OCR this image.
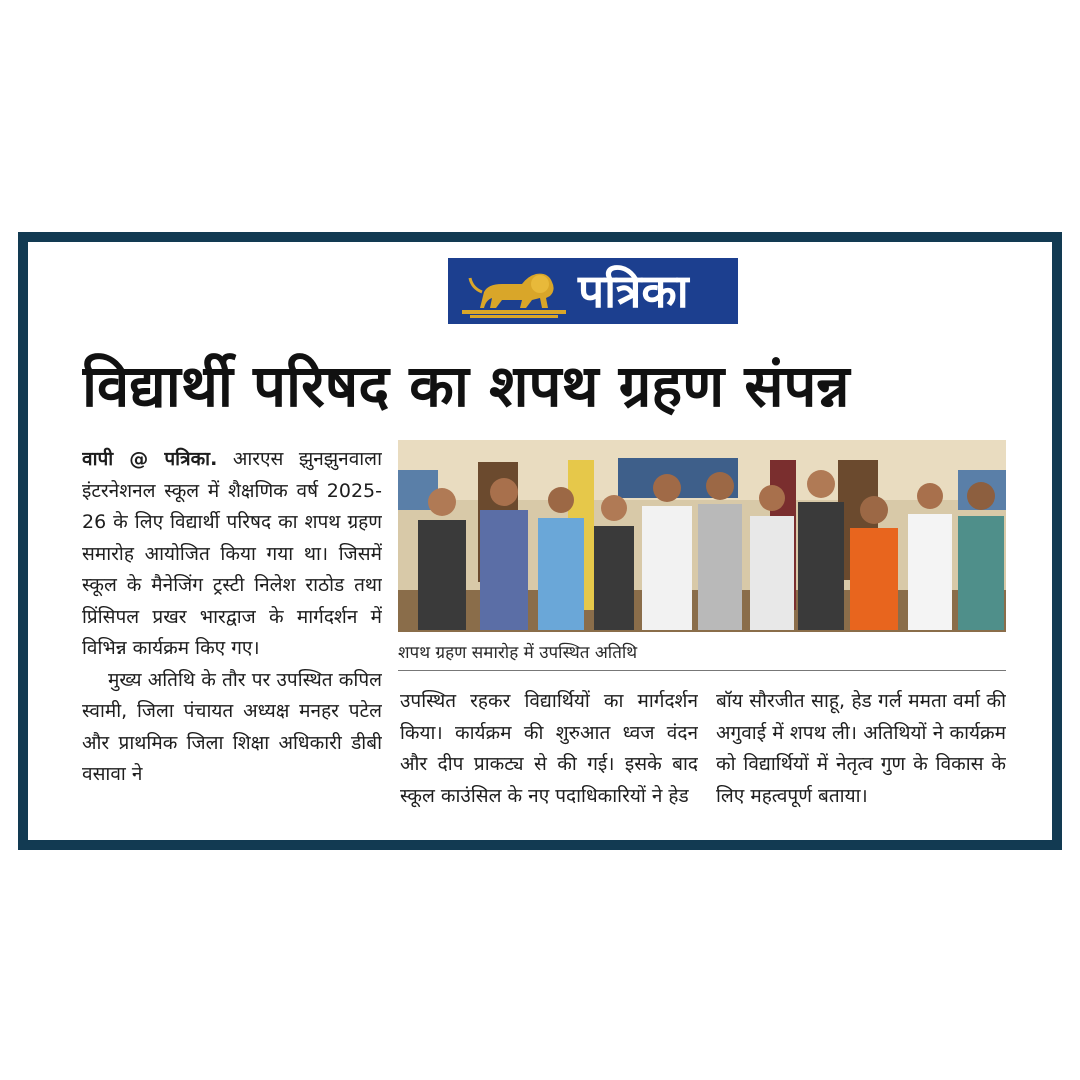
पत्रिका
विद्यार्थी परिषद का शपथ ग्रहण संपन्न

वापी @ पत्रिका. आरएस झुनझुनवाला इंटरनेशनल स्कूल में शैक्षणिक वर्ष 2025-26 के लिए विद्यार्थी परिषद का शपथ ग्रहण समारोह आयोजित किया गया था। जिसमें स्कूल के मैनेजिंग ट्रस्टी निलेश राठोड तथा प्रिंसिपल प्रखर भारद्वाज के मार्गदर्शन में विभिन्न कार्यक्रम किए गए।

मुख्य अतिथि के तौर पर उपस्थित कपिल स्वामी, जिला पंचायत अध्यक्ष मनहर पटेल और प्राथमिक जिला शिक्षा अधिकारी डीबी वसावा ने

शपथ ग्रहण समारोह में उपस्थित अतिथि

उपस्थित रहकर विद्यार्थियों का मार्गदर्शन किया। कार्यक्रम की शुरुआत ध्वज वंदन और दीप प्राकट्य से की गई। इसके बाद स्कूल काउंसिल के नए पदाधिकारियों ने हेड

बॉय सौरजीत साहू, हेड गर्ल ममता वर्मा की अगुवाई में शपथ ली। अतिथियों ने कार्यक्रम को विद्यार्थियों में नेतृत्व गुण के विकास के लिए महत्वपूर्ण बताया।
